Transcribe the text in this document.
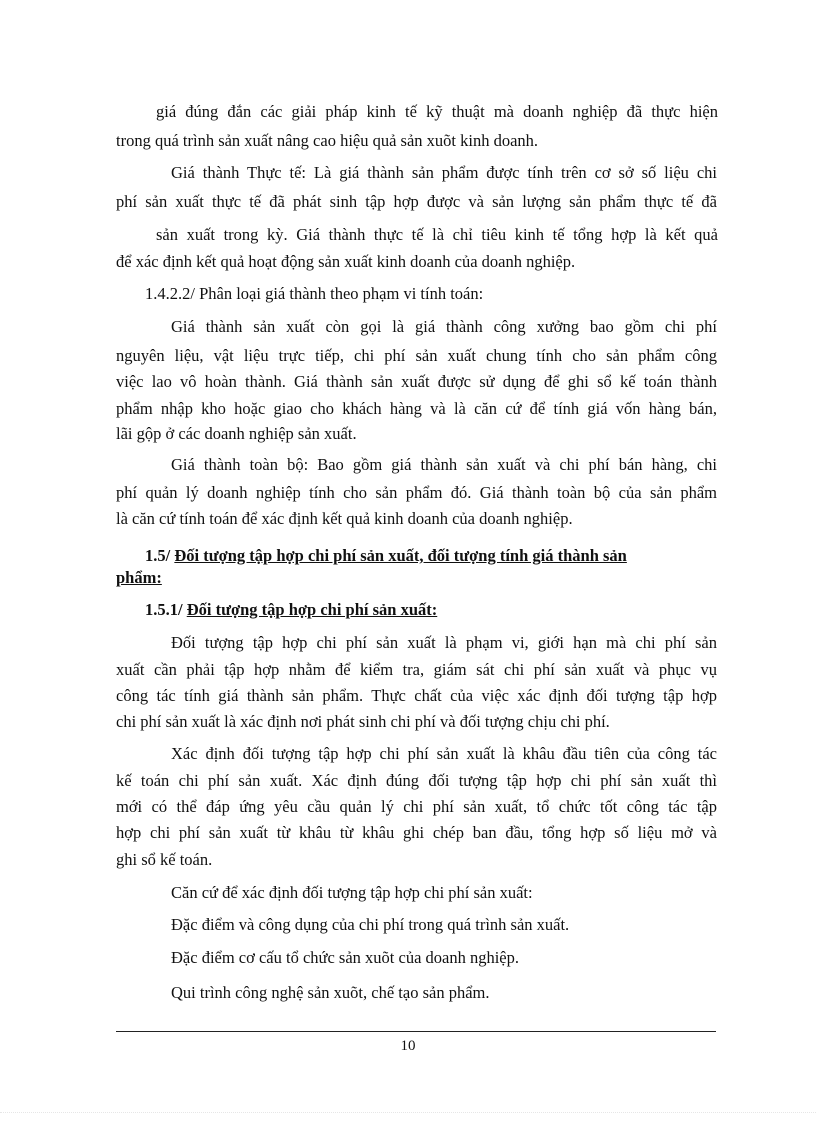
giá đúng đắn các giải pháp kinh tế kỹ thuật mà doanh nghiệp đã thực hiện
trong quá trình sản xuất nâng cao hiệu quả sản xuõt kinh doanh.
Giá thành Thực tế: Là giá thành sản phẩm được tính trên cơ sở số liệu chi
phí sản xuất thực tế đã phát sinh tập hợp được và sản lượng sản phẩm thực tế đã
sản xuất trong kỳ. Giá thành thực tế là chỉ tiêu kinh tế tổng hợp là kết quả
để xác định kết quả hoạt động sản xuất kinh doanh của doanh nghiệp.
1.4.2.2/ Phân loại giá thành theo phạm vi tính toán:
Giá thành sản xuất còn gọi là giá thành công xưởng bao gồm chi phí
nguyên liệu, vật liệu trực tiếp, chi phí sản xuất chung tính cho sản phẩm công
việc lao vô hoàn thành. Giá thành sản xuất được sử dụng để ghi sổ kế toán thành
phẩm nhập kho hoặc giao cho khách hàng và là căn cứ để tính giá vốn hàng bán,
lãi gộp ở các doanh nghiệp sản xuất.
Giá thành toàn bộ: Bao gồm giá thành sản xuất và chi phí bán hàng, chi
phí quản lý doanh nghiệp tính cho sản phẩm đó. Giá thành toàn bộ của sản phẩm
là căn cứ tính toán để xác định kết quả kinh doanh của doanh nghiệp.
1.5/ Đối tượng tập hợp chi phí sản xuất, đối tượng tính giá thành sản
phẩm:
1.5.1/ Đối tượng tập hợp chi phí sản xuất:
Đối tượng tập hợp chi phí sản xuất là phạm vi, giới hạn mà chi phí sản
xuất cần phải tập hợp nhằm để kiểm tra, giám sát chi phí sản xuất và phục vụ
công tác tính giá thành sản phẩm. Thực chất của việc xác định đối tượng tập hợp
chi phí sản xuất là xác định nơi phát sinh chi phí và đối tượng chịu chi phí.
Xác định đối tượng tập hợp chi phí sản xuất là khâu đầu tiên của công tác
kế toán chi phí sản xuất. Xác định đúng đối tượng tập hợp chi phí sản xuất thì
mới có thể đáp ứng yêu cầu quản lý chi phí sản xuất, tổ chức tốt công tác tập
hợp chi phí sản xuất từ khâu từ khâu ghi chép ban đầu, tổng hợp số liệu mở và
ghi sổ kế toán.
Căn cứ để xác định đối tượng tập hợp chi phí sản xuất:
Đặc điểm và công dụng của chi phí trong quá trình sản xuất.
Đặc điểm cơ cấu tổ chức sản xuõt của doanh nghiệp.
Qui trình công nghệ sản xuõt, chế tạo sản phẩm.
10
